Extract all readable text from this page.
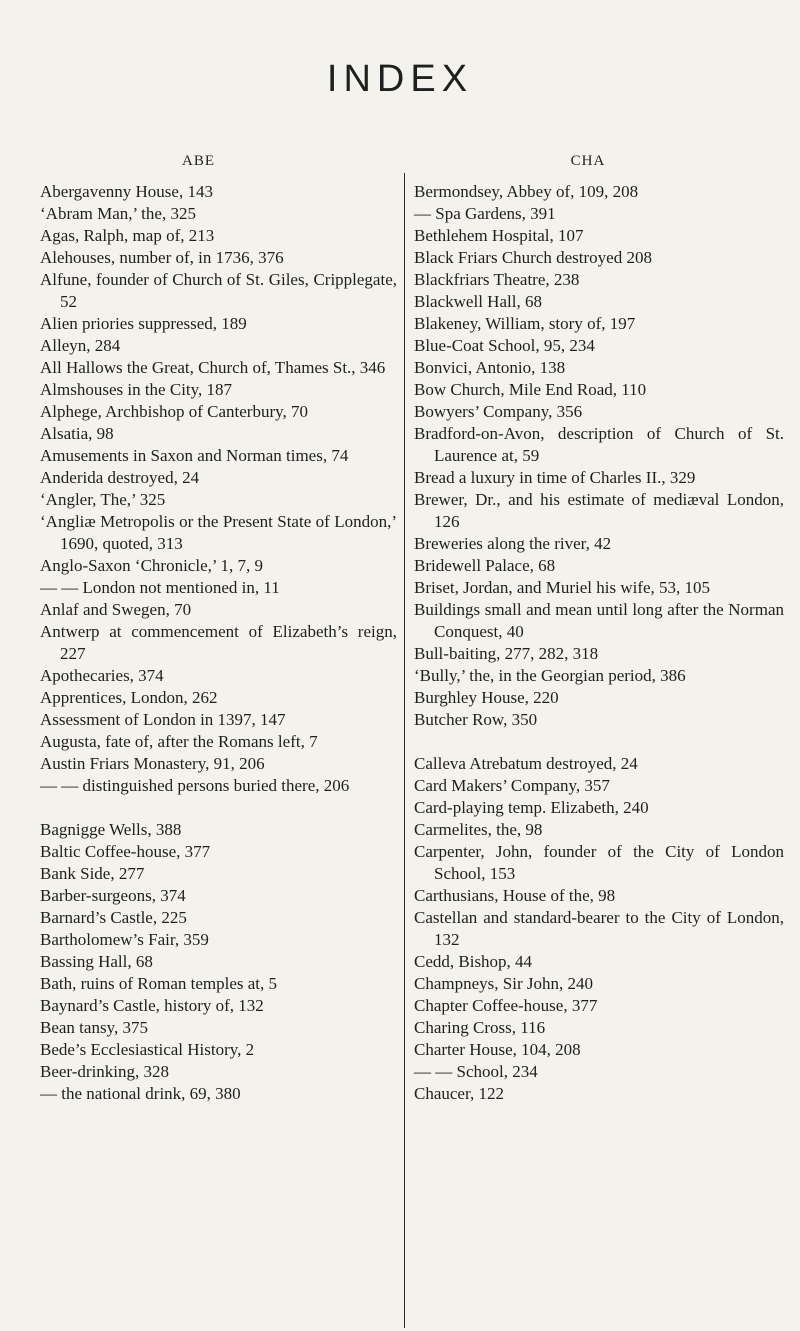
INDEX
ABE
Abergavenny House, 143
‘Abram Man,’ the, 325
Agas, Ralph, map of, 213
Alehouses, number of, in 1736, 376
Alfune, founder of Church of St. Giles, Cripplegate, 52
Alien priories suppressed, 189
Alleyn, 284
All Hallows the Great, Church of, Thames St., 346
Almshouses in the City, 187
Alphege, Archbishop of Canterbury, 70
Alsatia, 98
Amusements in Saxon and Norman times, 74
Anderida destroyed, 24
‘Angler, The,’ 325
‘Angliæ Metropolis or the Present State of London,’ 1690, quoted, 313
Anglo-Saxon ‘Chronicle,’ 1, 7, 9
— — London not mentioned in, 11
Anlaf and Swegen, 70
Antwerp at commencement of Elizabeth’s reign, 227
Apothecaries, 374
Apprentices, London, 262
Assessment of London in 1397, 147
Augusta, fate of, after the Romans left, 7
Austin Friars Monastery, 91, 206
— — distinguished persons buried there, 206
Bagnigge Wells, 388
Baltic Coffee-house, 377
Bank Side, 277
Barber-surgeons, 374
Barnard’s Castle, 225
Bartholomew’s Fair, 359
Bassing Hall, 68
Bath, ruins of Roman temples at, 5
Baynard’s Castle, history of, 132
Bean tansy, 375
Bede’s Ecclesiastical History, 2
Beer-drinking, 328
— the national drink, 69, 380
CHA
Bermondsey, Abbey of, 109, 208
— Spa Gardens, 391
Bethlehem Hospital, 107
Black Friars Church destroyed 208
Blackfriars Theatre, 238
Blackwell Hall, 68
Blakeney, William, story of, 197
Blue-Coat School, 95, 234
Bonvici, Antonio, 138
Bow Church, Mile End Road, 110
Bowyers’ Company, 356
Bradford-on-Avon, description of Church of St. Laurence at, 59
Bread a luxury in time of Charles II., 329
Brewer, Dr., and his estimate of mediæval London, 126
Breweries along the river, 42
Bridewell Palace, 68
Briset, Jordan, and Muriel his wife, 53, 105
Buildings small and mean until long after the Norman Conquest, 40
Bull-baiting, 277, 282, 318
‘Bully,’ the, in the Georgian period, 386
Burghley House, 220
Butcher Row, 350
Calleva Atrebatum destroyed, 24
Card Makers’ Company, 357
Card-playing temp. Elizabeth, 240
Carmelites, the, 98
Carpenter, John, founder of the City of London School, 153
Carthusians, House of the, 98
Castellan and standard-bearer to the City of London, 132
Cedd, Bishop, 44
Champneys, Sir John, 240
Chapter Coffee-house, 377
Charing Cross, 116
Charter House, 104, 208
— — School, 234
Chaucer, 122
